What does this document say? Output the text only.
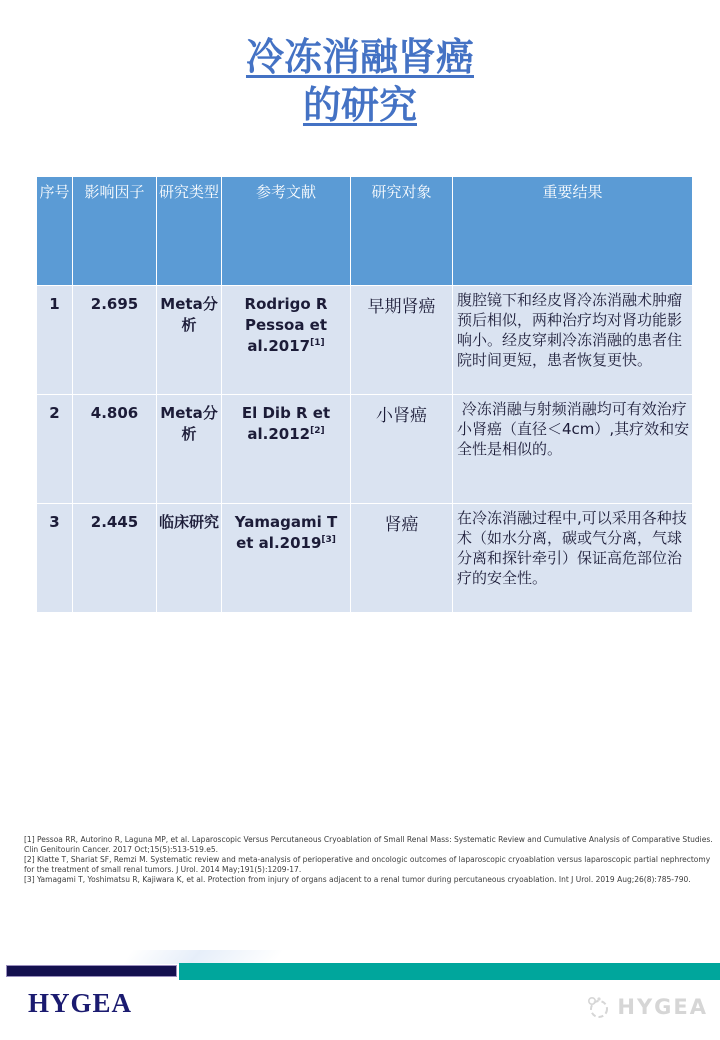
冷冻消融肾癌
的研究
序号	影响因子	研究类型	参考文献	研究对象	重要结果
1	2.695	Meta分析	Rodrigo R Pessoa et al.2017[1]	早期肾癌	腹腔镜下和经皮肾冷冻消融术肿瘤预后相似，两种治疗均对肾功能影响小。经皮穿刺冷冻消融的患者住院时间更短，患者恢复更快。
2	4.806	Meta分析	El Dib R et al.2012[2]	小肾癌	冷冻消融与射频消融均可有效治疗小肾癌（直径＜4cm）,其疗效和安全性是相似的。
3	2.445	临床研究	Yamagami T et al.2019[3]	肾癌	在冷冻消融过程中,可以采用各种技术（如水分离，碳或气分离，气球分离和探针牵引）保证高危部位治疗的安全性。

[1] Pessoa RR, Autorino R, Laguna MP, et al. Laparoscopic Versus Percutaneous Cryoablation of Small Renal Mass: Systematic Review and Cumulative Analysis of Comparative Studies. Clin Genitourin Cancer. 2017 Oct;15(5):513-519.e5.

[2] Klatte T, Shariat SF, Remzi M. Systematic review and meta-analysis of perioperative and oncologic outcomes of laparoscopic cryoablation versus laparoscopic partial nephrectomy for the treatment of small renal tumors. J Urol. 2014 May;191(5):1209-17.

[3] Yamagami T, Yoshimatsu R, Kajiwara K, et al. Protection from injury of organs adjacent to a renal tumor during percutaneous cryoablation. Int J Urol. 2019 Aug;26(8):785-790.

HYGEA	HYGEA
